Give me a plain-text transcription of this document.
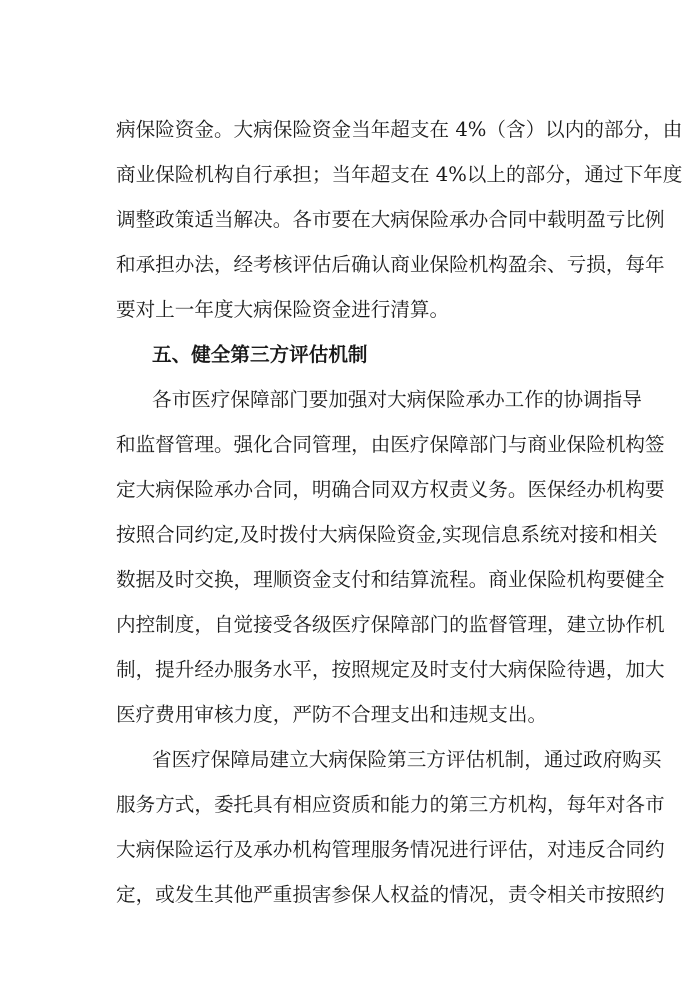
病保险资金。大病保险资金当年超支在 4%（含）以内的部分，由
商业保险机构自行承担；当年超支在 4%以上的部分，通过下年度
调整政策适当解决。各市要在大病保险承办合同中载明盈亏比例
和承担办法，经考核评估后确认商业保险机构盈余、亏损，每年
要对上一年度大病保险资金进行清算。
五、健全第三方评估机制
各市医疗保障部门要加强对大病保险承办工作的协调指导
和监督管理。强化合同管理，由医疗保障部门与商业保险机构签
定大病保险承办合同，明确合同双方权责义务。医保经办机构要
按照合同约定,及时拨付大病保险资金,实现信息系统对接和相关
数据及时交换，理顺资金支付和结算流程。商业保险机构要健全
内控制度，自觉接受各级医疗保障部门的监督管理，建立协作机
制，提升经办服务水平，按照规定及时支付大病保险待遇，加大
医疗费用审核力度，严防不合理支出和违规支出。
省医疗保障局建立大病保险第三方评估机制，通过政府购买
服务方式，委托具有相应资质和能力的第三方机构，每年对各市
大病保险运行及承办机构管理服务情况进行评估，对违反合同约
定，或发生其他严重损害参保人权益的情况，责令相关市按照约
